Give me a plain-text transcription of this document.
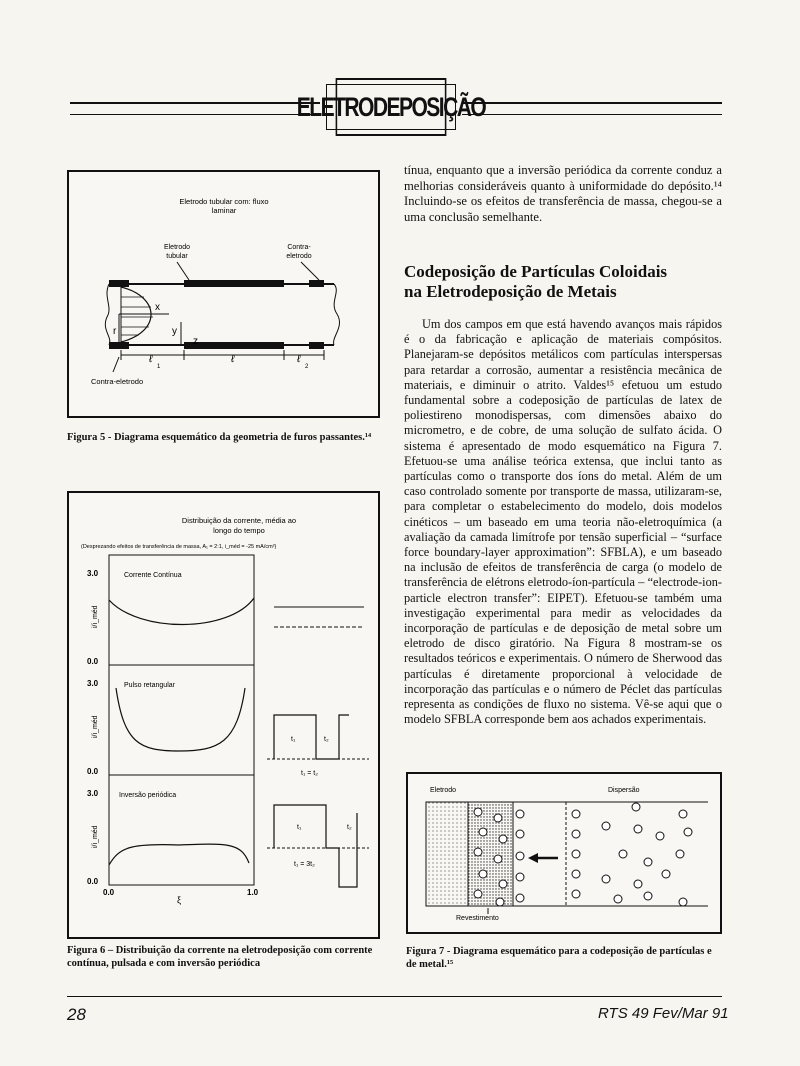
ELETRODEPOSIÇÃO
Eletrodo tubular com: fluxo
laminar
Eletrodo
tubular
Contra-
eletrodo
x
y
z
r
ℓ
1
ℓ	ℓ
2
Contra-eletrodo
Figura 5 - Diagrama esquemático da geometria de furos passantes.¹⁴
Distribuição da corrente, média ao
longo do tempo
(Desprezando efeitos de transferência de massa, A₁ = 2:1, i_méd = -25 mA/cm²)
3.0
0.0
Corrente Contínua
i/i_méd
3.0
0.0
Pulso retangular
i/i_méd
3.0
0.0
Inversão periódica
i/i_méd
0.0	1.0
ξ
t₁	t₂
t₁ = t₂
t₁	t₂
t₁ = 3t₂
Figura 6 – Distribuição da corrente na eletrodeposição com corrente contínua, pulsada e com inversão periódica

tínua, enquanto que a inversão periódica da corrente conduz a melhorias consideráveis quanto à uniformidade do depósito.¹⁴ Incluindo-se os efeitos de transferência de massa, chegou-se a uma conclusão semelhante.

Codeposição de Partículas Coloidais
na Eletrodeposição de Metais

Um dos campos em que está havendo avanços mais rápidos é o da fabricação e aplicação de materiais compósitos. Planejaram-se depósitos metálicos com partículas interspersas para retardar a corrosão, aumentar a resistência mecânica de materiais, e diminuir o atrito. Valdes¹⁵ efetuou um estudo fundamental sobre a codeposição de partículas de latex de poliestireno monodispersas, com dimensões abaixo do micrometro, e de cobre, de uma solução de sulfato ácida. O sistema é apresentado de modo esquemático na Figura 7. Efetuou-se uma análise teórica extensa, que inclui tanto as partículas como o transporte dos íons do metal. Além de um caso controlado somente por transporte de massa, utilizaram-se, para completar o estabelecimento do modelo, dois modelos cinéticos – um baseado em uma teoria não-eletroquímica (a avaliação da camada limítrofe por tensão superficial – “surface force boundary-layer approximation”: SFBLA), e um baseado na inclusão de efeitos de transferência de carga (o modelo de transferência de elétrons eletrodo-íon-partícula – “electrode-ion-particle electron transfer”: EIPET). Efetuou-se também uma investigação experimental para medir as velocidades da incorporação de partículas e de deposição de metal sobre um eletrodo de disco giratório. Na Figura 8 mostram-se os resultados teóricos e experimentais. O número de Sherwood das partículas é diretamente proporcional à velocidade de incorporação das partículas e o número de Péclet das partículas representa as condições de fluxo no sistema. Vê-se aqui que o modelo SFBLA corresponde bem aos achados experimentais.

Eletrodo	Dispersão
Revestimento
Figura 7 - Diagrama esquemático para a codeposição de partículas e de metal.¹⁵
28	RTS 49 Fev/Mar 91
